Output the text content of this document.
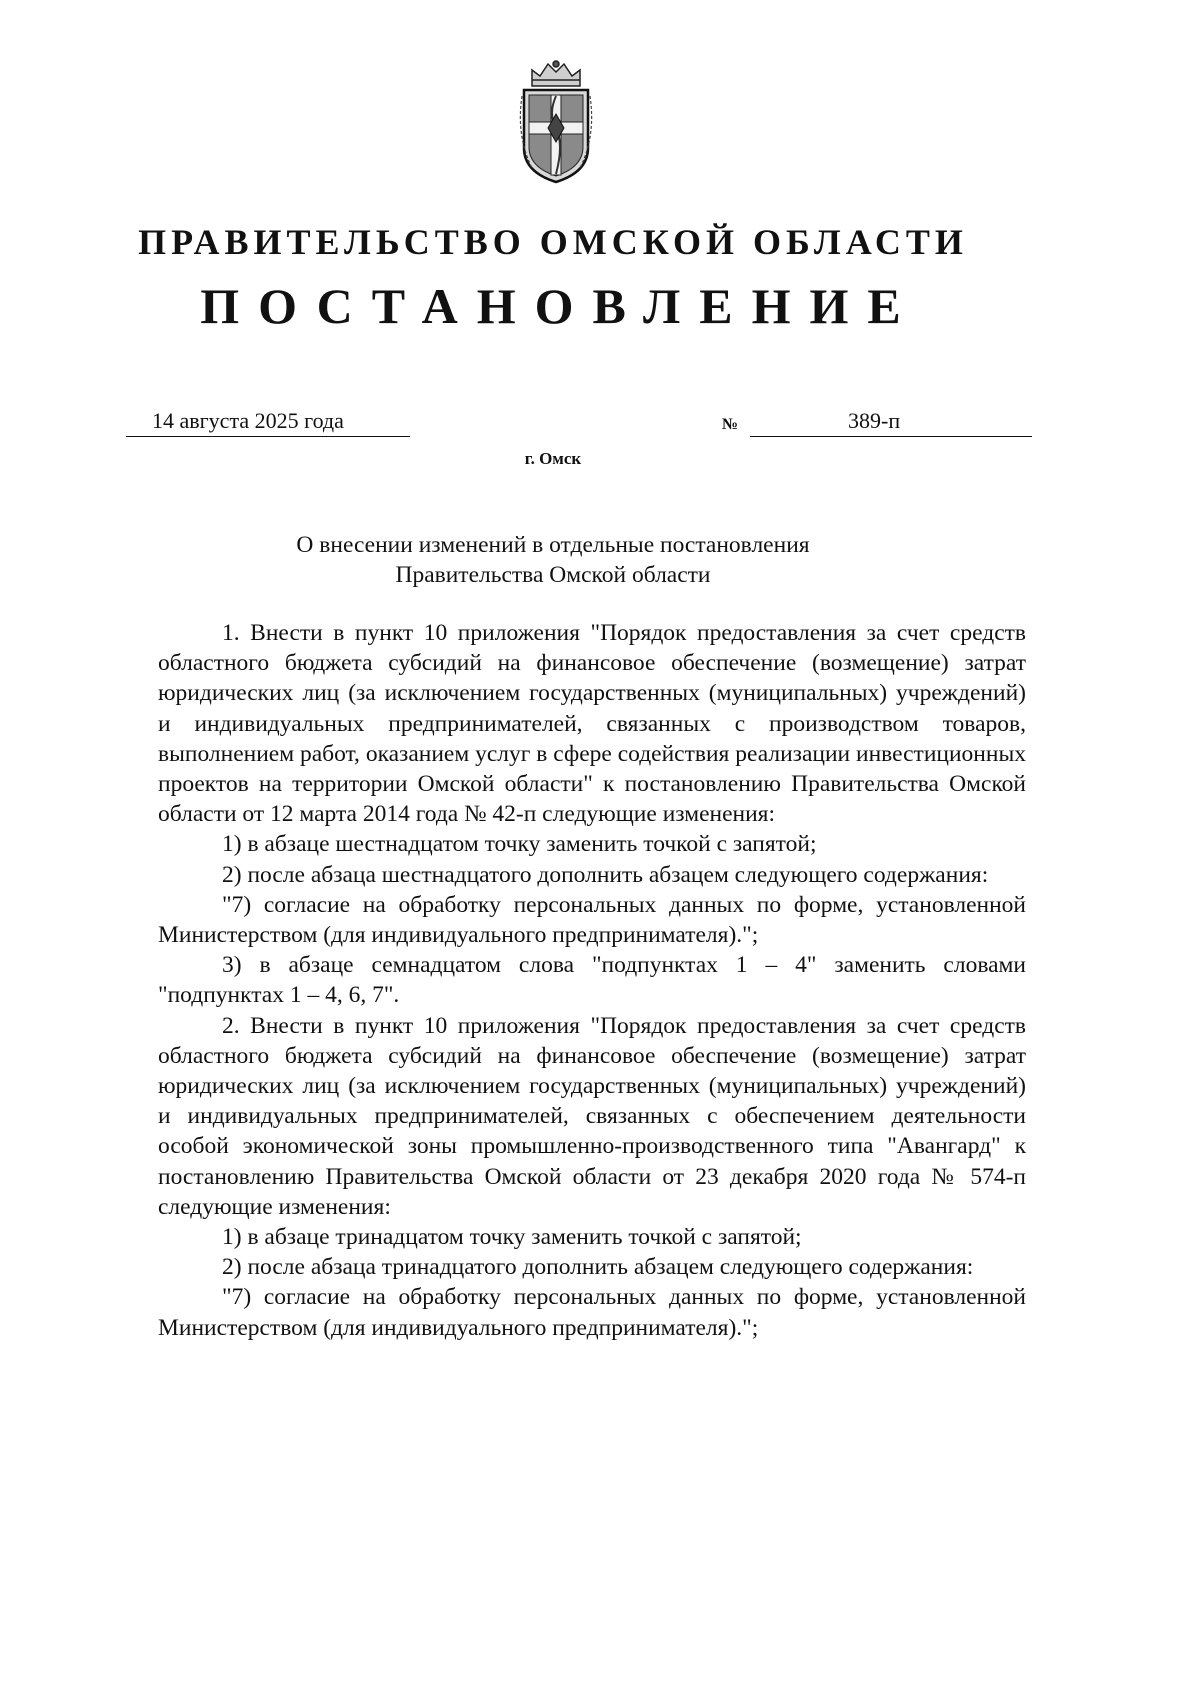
ПРАВИТЕЛЬСТВО ОМСКОЙ ОБЛАСТИ
ПОСТАНОВЛЕНИЕ
14 августа 2025 года	№	389-п
г. Омск
О внесении изменений в отдельные постановления
Правительства Омской области

1. Внести в пункт 10 приложения "Порядок предоставления за счет средств областного бюджета субсидий на финансовое обеспечение (возмещение) затрат юридических лиц (за исключением государственных (муниципальных) учреждений) и индивидуальных предпринимателей, связанных с производством товаров, выполнением работ, оказанием услуг в сфере содействия реализации инвестиционных проектов на территории Омской области" к постановлению Правительства Омской области от 12 марта 2014 года № 42-п следующие изменения:

1) в абзаце шестнадцатом точку заменить точкой с запятой;

2) после абзаца шестнадцатого дополнить абзацем следующего содержания:

"7) согласие на обработку персональных данных по форме, установленной Министерством (для индивидуального предпринимателя).";

3) в абзаце семнадцатом слова "подпунктах 1 – 4" заменить словами "подпунктах 1 – 4, 6, 7".

2. Внести в пункт 10 приложения "Порядок предоставления за счет средств областного бюджета субсидий на финансовое обеспечение (возмещение) затрат юридических лиц (за исключением государственных (муниципальных) учреждений) и индивидуальных предпринимателей, связанных с обеспечением деятельности особой экономической зоны промышленно-производственного типа "Авангард" к постановлению Правительства Омской области от 23 декабря 2020 года № 574-п следующие изменения:

1) в абзаце тринадцатом точку заменить точкой с запятой;

2) после абзаца тринадцатого дополнить абзацем следующего содержания:

"7) согласие на обработку персональных данных по форме, установленной Министерством (для индивидуального предпринимателя).";
